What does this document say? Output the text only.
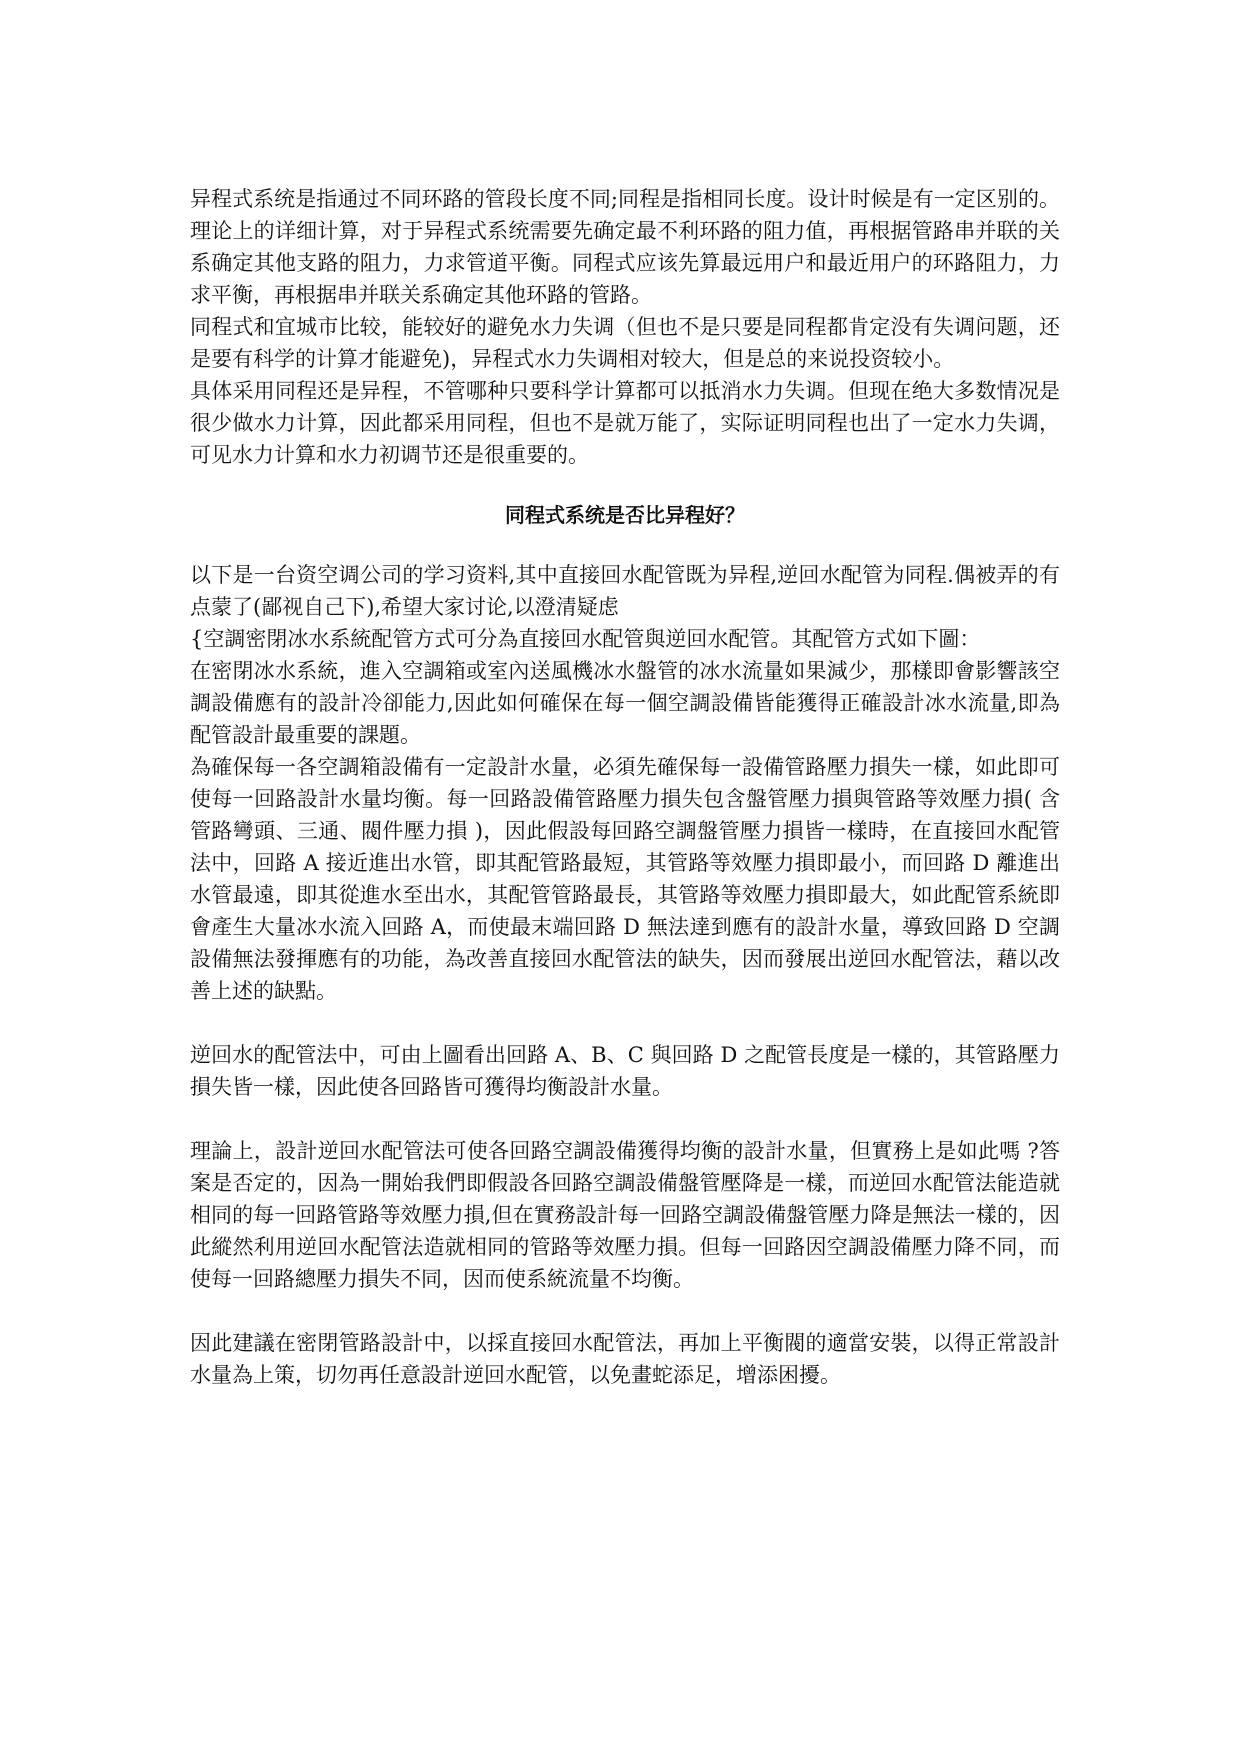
异程式系统是指通过不同环路的管段长度不同;同程是指相同长度。设计时候是有一定区别的。理论上的详细计算，对于异程式系统需要先确定最不利环路的阻力值，再根据管路串并联的关系确定其他支路的阻力，力求管道平衡。同程式应该先算最远用户和最近用户的环路阻力，力求平衡，再根据串并联关系确定其他环路的管路。

同程式和宜城市比较，能较好的避免水力失调（但也不是只要是同程都肯定没有失调问题，还是要有科学的计算才能避免)，异程式水力失调相对较大，但是总的来说投资较小。

具体采用同程还是异程，不管哪种只要科学计算都可以抵消水力失调。但现在绝大多数情况是很少做水力计算，因此都采用同程，但也不是就万能了，实际证明同程也出了一定水力失调，可见水力计算和水力初调节还是很重要的。

同程式系统是否比异程好？

以下是一台资空调公司的学习资料,其中直接回水配管既为异程,逆回水配管为同程.偶被弄的有点蒙了(鄙视自己下),希望大家讨论,以澄清疑虑

{空調密閉冰水系統配管方式可分為直接回水配管與逆回水配管。其配管方式如下圖：

在密閉冰水系統，進入空調箱或室內送風機冰水盤管的冰水流量如果減少，那樣即會影響該空調設備應有的設計冷卻能力,因此如何確保在每一個空調設備皆能獲得正確設計冰水流量,即為配管設計最重要的課題。

為確保每一各空調箱設備有一定設計水量，必須先確保每一設備管路壓力損失一樣，如此即可使每一回路設計水量均衡。每一回路設備管路壓力損失包含盤管壓力損與管路等效壓力損( 含管路彎頭、三通、閥件壓力損 )，因此假設每回路空調盤管壓力損皆一樣時，在直接回水配管法中，回路 A 接近進出水管，即其配管路最短，其管路等效壓力損即最小，而回路 D 離進出水管最遠，即其從進水至出水，其配管管路最長，其管路等效壓力損即最大，如此配管系統即會產生大量冰水流入回路 A，而使最末端回路 D 無法達到應有的設計水量，導致回路 D 空調設備無法發揮應有的功能，為改善直接回水配管法的缺失，因而發展出逆回水配管法，藉以改善上述的缺點。

逆回水的配管法中，可由上圖看出回路 A、B、C 與回路 D 之配管長度是一樣的，其管路壓力損失皆一樣，因此使各回路皆可獲得均衡設計水量。

理論上，設計逆回水配管法可使各回路空調設備獲得均衡的設計水量，但實務上是如此嗎 ?答案是否定的，因為一開始我們即假設各回路空調設備盤管壓降是一樣，而逆回水配管法能造就相同的每一回路管路等效壓力損,但在實務設計每一回路空調設備盤管壓力降是無法一樣的，因此縱然利用逆回水配管法造就相同的管路等效壓力損。但每一回路因空調設備壓力降不同，而使每一回路總壓力損失不同，因而使系統流量不均衡。

因此建議在密閉管路設計中，以採直接回水配管法，再加上平衡閥的適當安裝，以得正常設計水量為上策，切勿再任意設計逆回水配管，以免畫蛇添足，增添困擾。
